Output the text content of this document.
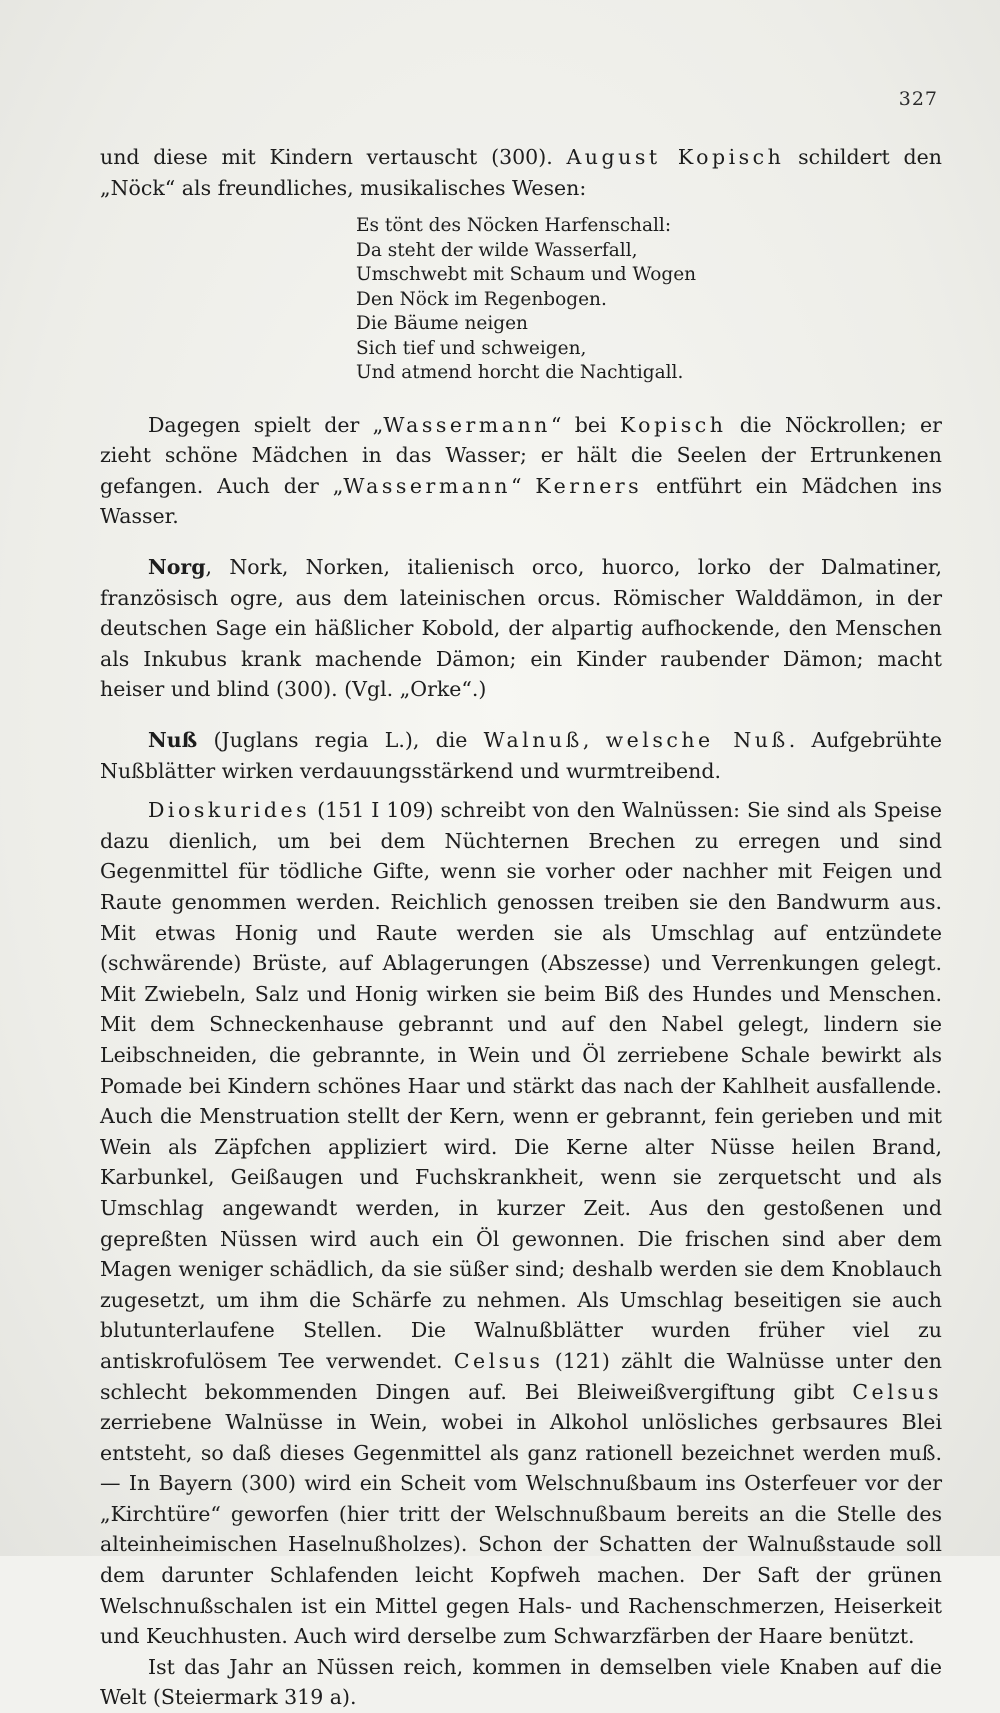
327

und diese mit Kindern vertauscht (300). August Kopisch schildert den „Nöck“ als freundliches, musikalisches Wesen:

Es tönt des Nöcken Harfenschall:
Da steht der wilde Wasserfall,
Umschwebt mit Schaum und Wogen
Den Nöck im Regenbogen.
Die Bäume neigen
Sich tief und schweigen,
Und atmend horcht die Nachtigall.

Dagegen spielt der „Wassermann“ bei Kopisch die Nöckrollen; er zieht schöne Mädchen in das Wasser; er hält die Seelen der Ertrunkenen gefangen. Auch der „Wassermann“ Kerners entführt ein Mädchen ins Wasser.

Norg, Nork, Norken, italienisch orco, huorco, lorko der Dalmatiner, französisch ogre, aus dem lateinischen orcus. Römischer Walddämon, in der deutschen Sage ein häßlicher Kobold, der alpartig aufhockende, den Menschen als Inkubus krank machende Dämon; ein Kinder raubender Dämon; macht heiser und blind (300). (Vgl. „Orke“.)

Nuß (Juglans regia L.), die Walnuß, welsche Nuß. Aufgebrühte Nußblätter wirken verdauungsstärkend und wurmtreibend.

Dioskurides (151 I 109) schreibt von den Walnüssen: Sie sind als Speise dazu dienlich, um bei dem Nüchternen Brechen zu erregen und sind Gegenmittel für tödliche Gifte, wenn sie vorher oder nachher mit Feigen und Raute genommen werden. Reichlich genossen treiben sie den Bandwurm aus. Mit etwas Honig und Raute werden sie als Umschlag auf entzündete (schwärende) Brüste, auf Ablagerungen (Abszesse) und Verrenkungen gelegt. Mit Zwiebeln, Salz und Honig wirken sie beim Biß des Hundes und Menschen. Mit dem Schneckenhause gebrannt und auf den Nabel gelegt, lindern sie Leibschneiden, die gebrannte, in Wein und Öl zerriebene Schale bewirkt als Pomade bei Kindern schönes Haar und stärkt das nach der Kahlheit ausfallende. Auch die Menstruation stellt der Kern, wenn er gebrannt, fein gerieben und mit Wein als Zäpfchen appliziert wird. Die Kerne alter Nüsse heilen Brand, Karbunkel, Geißaugen und Fuchskrankheit, wenn sie zerquetscht und als Umschlag angewandt werden, in kurzer Zeit. Aus den gestoßenen und gepreßten Nüssen wird auch ein Öl gewonnen. Die frischen sind aber dem Magen weniger schädlich, da sie süßer sind; deshalb werden sie dem Knoblauch zugesetzt, um ihm die Schärfe zu nehmen. Als Umschlag beseitigen sie auch blutunterlaufene Stellen. Die Walnußblätter wurden früher viel zu antiskrofulösem Tee verwendet. Celsus (121) zählt die Walnüsse unter den schlecht bekommenden Dingen auf. Bei Bleiweißvergiftung gibt Celsus zerriebene Walnüsse in Wein, wobei in Alkohol unlösliches gerbsaures Blei entsteht, so daß dieses Gegenmittel als ganz rationell bezeichnet werden muß. — In Bayern (300) wird ein Scheit vom Welschnußbaum ins Osterfeuer vor der „Kirchtüre“ geworfen (hier tritt der Welschnußbaum bereits an die Stelle des alteinheimischen Haselnußholzes). Schon der Schatten der Walnußstaude soll dem darunter Schlafenden leicht Kopfweh machen. Der Saft der grünen Welschnußschalen ist ein Mittel gegen Hals- und Rachenschmerzen, Heiserkeit und Keuchhusten. Auch wird derselbe zum Schwarzfärben der Haare benützt.

Ist das Jahr an Nüssen reich, kommen in demselben viele Knaben auf die Welt (Steiermark 319 a).
